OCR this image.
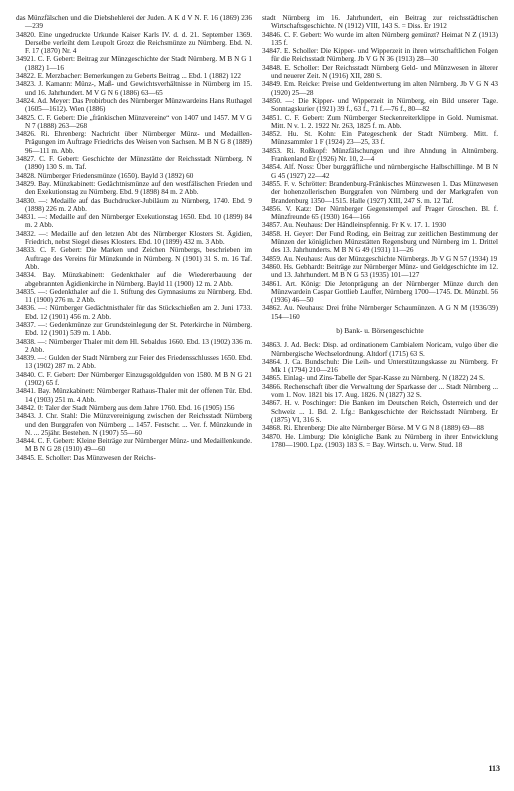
das Münzfälschen und die Diebshehlerei der Juden. A K d V N. F. 16 (1869) 236—239

34820. Eine ungedruckte Urkunde Kaiser Karls IV. d. d. 21. September 1369. Derselbe verleiht dem Leupolt Grozz die Reichsmünze zu Nürnberg. Ebd. N. F. 17 (1870) Nr. 4

34921. C. F. Gebert: Beitrag zur Münzgeschichte der Stadt Nürnberg. M B N G 1 (1882) 1—16

34822. E. Merzbacher: Bemerkungen zu Geberts Beitrag ... Ebd. 1 (1882) 122

34823. J. Kamann: Münz-, Maß- und Gewichtsverhältnisse in Nürnberg im 15. und 16. Jahrhundert. M V G N 6 (1886) 63—65

34824. Ad. Meyer: Das Probirbuch des Nürnberger Münzwardeins Hans Ruthagel (1605—1612). Wien (1886)

34825. C. F. Gebert: Die „fränkischen Münzvereine“ von 1407 und 1457. M V G N 7 (1888) 263—268

34826. Ri. Ehrenberg: Nachricht über Nürnberger Münz- und Medaillen-Prägungen im Auftrage Friedrichs des Weisen von Sachsen. M B N G 8 (1889) 96—111 m. Abb.

34827. C. F. Gebert: Geschichte der Münzstätte der Reichsstadt Nürnberg. N (1890) 130 S. m. Taf.

34828. Nürnberger Friedensmünze (1650). Bayld 3 (1892) 60

34829. Bay. Münzkabinett: Gedächtnismünze auf den westfälischen Frieden und den Exekutionstag zu Nürnberg. Ebd. 9 (1898) 84 m. 2 Abb.

34830. —: Medaille auf das Buchdrucker-Jubiläum zu Nürnberg, 1740. Ebd. 9 (1898) 226 m. 2 Abb.

34831. —: Medaille auf den Nürnberger Exekutionstag 1650. Ebd. 10 (1899) 84 m. 2 Abb.

34832. —: Medaille auf den letzten Abt des Nürnberger Klosters St. Ägidien, Friedrich, nebst Siegel dieses Klosters. Ebd. 10 (1899) 432 m. 3 Abb.

34833. C. F. Gebert: Die Marken und Zeichen Nürnbergs, beschrieben im Auftrage des Vereins für Münzkunde in Nürnberg. N (1901) 31 S. m. 16 Taf. Abb.

34834. Bay. Münzkabinett: Gedenkthaler auf die Wiedererbauung der abgebrannten Ägidienkirche in Nürnberg. Bayld 11 (1900) 12 m. 2 Abb.

34835. —: Gedenkthaler auf die 1. Stiftung des Gymnasiums zu Nürnberg. Ebd. 11 (1900) 276 m. 2 Abb.

34836. —: Nürnberger Gedächtnisthaler für das Stückschießen am 2. Juni 1733. Ebd. 12 (1901) 456 m. 2 Abb.

34837. —: Gedenkmünze zur Grundsteinlegung der St. Peterkirche in Nürnberg. Ebd. 12 (1901) 539 m. 1 Abb.

34838. —: Nürnberger Thaler mit dem Hl. Sebaldus 1660. Ebd. 13 (1902) 336 m. 2 Abb.

34839. —: Gulden der Stadt Nürnberg zur Feier des Friedensschlusses 1650. Ebd. 13 (1902) 287 m. 2 Abb.

34840. C. F. Gebert: Der Nürnberger Einzugsgoldgulden von 1580. M B N G 21 (1902) 65 f.

34841. Bay. Münzkabinett: Nürnberger Rathaus-Thaler mit der offenen Tür. Ebd. 14 (1903) 251 m. 4 Abb.

34842. 0: Taler der Stadt Nürnberg aus dem Jahre 1760. Ebd. 16 (1905) 156

34843. J. Chr. Stahl: Die Münzvereinigung zwischen der Reichsstadt Nürnberg und den Burggrafen von Nürnberg ... 1457. Festschr. ... Ver. f. Münzkunde in N. ... 25jähr. Bestehen. N (1907) 55—60

34844. C. F. Gebert: Kleine Beiträge zur Nürnberger Münz- und Medaillenkunde. M B N G 28 (1910) 49—60

34845. E. Scholler: Das Münzwesen der Reichs-

stadt Nürnberg im 16. Jahrhundert, ein Beitrag zur reichsstädtischen Wirtschaftsgeschichte. N (1912) VIII, 143 S. = Diss. Er 1912

34846. C. F. Gebert: Wo wurde im alten Nürnberg gemünzt? Heimat N Z (1913) 135 f.

34847. E. Scholler: Die Kipper- und Wipperzeit in ihren wirtschaftlichen Folgen für die Reichsstadt Nürnberg. Jb V G N 36 (1913) 28—30

34848. E. Scholler: Der Reichsstadt Nürnberg Geld- und Münzwesen in älterer und neuerer Zeit. N (1916) XII, 280 S.

34849. Em. Reicke: Preise und Geldentwertung im alten Nürnberg. Jb V G N 43 (1920) 25—28

34850. —: Die Kipper- und Wipperzeit in Nürnberg, ein Bild unserer Tage. Sonntagskurier (1921) 39 f., 63 f., 71 f.—76 f., 80—82

34851. C. F. Gebert: Zum Nürnberger Steckenreiterklippe in Gold. Numismat. Mitt. N v. 1. 2. 1922 Nr. 263, 1825 f. m. Abb.

34852. Hu. St. Kohn: Ein Pategeschenk der Stadt Nürnberg. Mitt. f. Münzsammler 1 F (1924) 23—25, 33 f.

34853. Ri. Roßkopf: Münzfälschungen und ihre Ahndung in Altnürnberg. Frankenland Er (1926) Nr. 10, 2—4

34854. Alf. Noss: Über burggräfliche und nürnbergische Halbschillinge. M B N G 45 (1927) 22—42

34855. F. v. Schrötter: Brandenburg-Fränkisches Münzwesen 1. Das Münzwesen der hohenzollerischen Burggrafen von Nürnberg und der Markgrafen von Brandenburg 1350—1515. Halle (1927) XIII, 247 S. m. 12 Taf.

34856. V. Katz: Der Nürnberger Gegenstempel auf Prager Groschen. Bl. f. Münzfreunde 65 (1930) 164—166

34857. Au. Neuhaus: Der Händleinspfennig. Fr K v. 17. 1. 1930

34858. H. Geyer: Der Fund Roding, ein Beitrag zur zeitlichen Bestimmung der Münzen der königlichen Münzstätten Regensburg und Nürnberg im 1. Drittel des 13. Jahrhunderts. M B N G 49 (1931) 11—26

34859. Au. Neuhaus: Aus der Münzgeschichte Nürnbergs. Jb V G N 57 (1934) 19

34860. Hs. Gebhardt: Beiträge zur Nürnberger Münz- und Geldgeschichte im 12. und 13. Jahrhundert. M B N G 53 (1935) 101—127

34861. Art. König: Die Jetonprägung an der Nürnberger Münze durch den Münzwardein Caspar Gottlieb Lauffer, Nürnberg 1700—1745. Dt. Münzbl. 56 (1936) 46—50

34862. Au. Neuhaus: Drei frühe Nürnberger Schaumünzen. A G N M (1936/39) 154—160

b) Bank- u. Börsengeschichte

34863. J. Ad. Beck: Disp. ad ordinationem Cambialem Noricam, vulgo über die Nürnbergische Wechselordnung. Altdorf (1715) 63 S.

34864. J. Ca. Bundschuh: Die Leih- und Unterstützungskasse zu Nürnberg. Fr Mk 1 (1794) 210—216

34865. Einlag- und Zins-Tabelle der Spar-Kasse zu Nürnberg. N (1822) 24 S.

34866. Rechenschaft über die Verwaltung der Sparkasse der ... Stadt Nürnberg ... vom 1. Nov. 1821 bis 17. Aug. 1826. N (1827) 32 S.

34867. H. v. Poschinger: Die Banken im Deutschen Reich, Österreich und der Schweiz ... 1. Bd. 2. Lfg.: Bankgeschichte der Reichsstadt Nürnberg. Er (1875) VI, 316 S.

34868. Ri. Ehrenberg: Die alte Nürnberger Börse. M V G N 8 (1889) 69—88

34870. He. Limburg: Die königliche Bank zu Nürnberg in ihrer Entwicklung 1780—1900. Lpz. (1903) 183 S. = Bay. Wirtsch. u. Verw. Stud. 18

113
